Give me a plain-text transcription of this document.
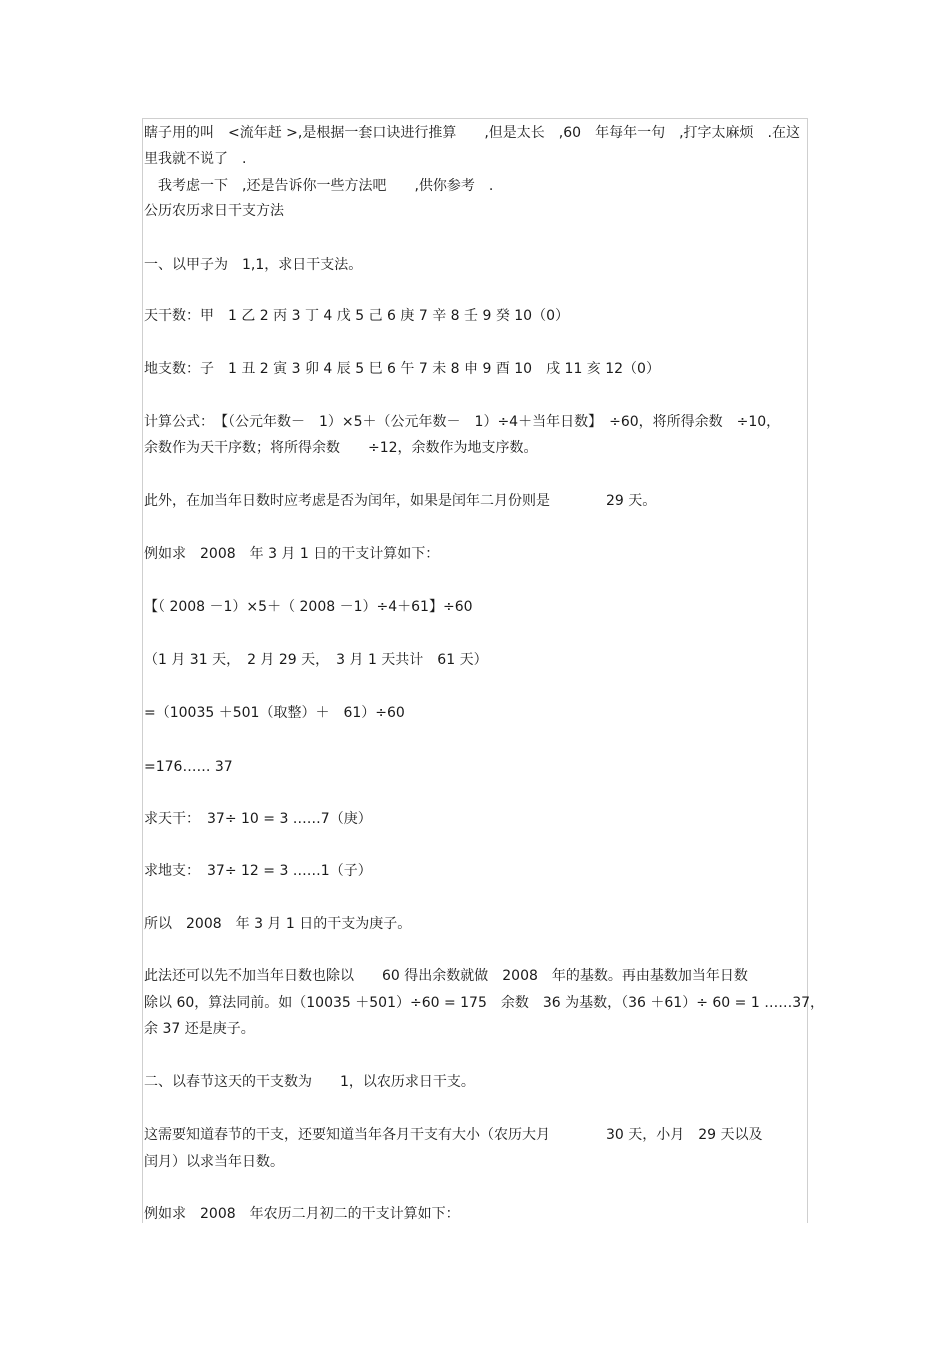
瞎子用的叫　<流年赶 >,是根据一套口诀进行推算　　,但是太长　,60　年每年一句　,打字太麻烦　.在这
里我就不说了　.
　我考虑一下　,还是告诉你一些方法吧　　,供你参考　.
公历农历求日干支方法
一、以甲子为　1,1，求日干支法。
天干数：甲　1 乙 2 丙 3 丁 4 戊 5 己 6 庚 7 辛 8 壬 9 癸 10（0）
地支数：子　1 丑 2 寅 3 卯 4 辰 5 巳 6 午 7 未 8 申 9 酉 10　戌 11 亥 12（0）
计算公式：　【（公元年数－　1）×5＋（公元年数－　1）÷4＋当年日数】　÷60，将所得余数　÷10，
余数作为天干序数；将所得余数　　÷12，余数作为地支序数。
此外，在加当年日数时应考虑是否为闰年，如果是闰年二月份则是　　　　29 天。
例如求　2008　年 3 月 1 日的干支计算如下：
【（ 2008 －1）×5＋（ 2008 －1）÷4＋61】÷60
（1 月 31 天，　2 月 29 天，　3 月 1 天共计　61 天）
=（10035 ＋501（取整）＋　61）÷60
=176…… 37
求天干：　37÷ 10 = 3 ……7（庚）
求地支：　37÷ 12 = 3 ……1（子）
所以　2008　年 3 月 1 日的干支为庚子。
此法还可以先不加当年日数也除以　　60 得出余数就做　2008　年的基数。再由基数加当年日数
除以 60，算法同前。如（10035 ＋501）÷60 = 175　余数　36 为基数，（36 ＋61）÷ 60 = 1 ……37，
余 37 还是庚子。
二、以春节这天的干支数为　　1，以农历求日干支。
这需要知道春节的干支，还要知道当年各月干支有大小（农历大月　　　　30 天，小月　29 天以及
闰月）以求当年日数。
例如求　2008　年农历二月初二的干支计算如下：
